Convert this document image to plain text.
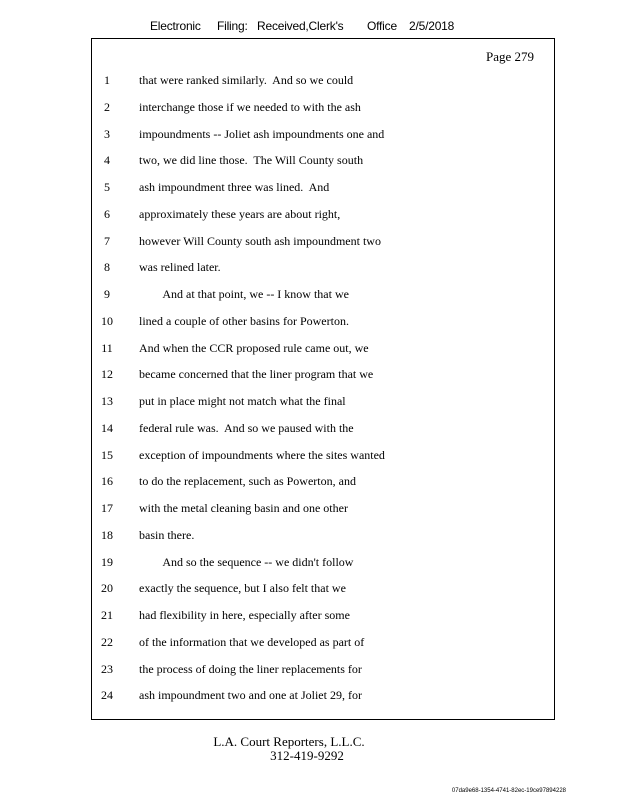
Electronic Filing: Received,Clerk's Office 2/5/2018
Page 279
1	that were ranked similarly.  And so we could
2	interchange those if we needed to with the ash
3	impoundments -- Joliet ash impoundments one and
4	two, we did line those.  The Will County south
5	ash impoundment three was lined.  And
6	approximately these years are about right,
7	however Will County south ash impoundment two
8	was relined later.
9	And at that point, we -- I know that we
10	lined a couple of other basins for Powerton.
11	And when the CCR proposed rule came out, we
12	became concerned that the liner program that we
13	put in place might not match what the final
14	federal rule was.  And so we paused with the
15	exception of impoundments where the sites wanted
16	to do the replacement, such as Powerton, and
17	with the metal cleaning basin and one other
18	basin there.
19	And so the sequence -- we didn't follow
20	exactly the sequence, but I also felt that we
21	had flexibility in here, especially after some
22	of the information that we developed as part of
23	the process of doing the liner replacements for
24	ash impoundment two and one at Joliet 29, for
L.A. Court Reporters, L.L.C.
312-419-9292
07da9e68-1354-4741-82ec-19ce97894228
